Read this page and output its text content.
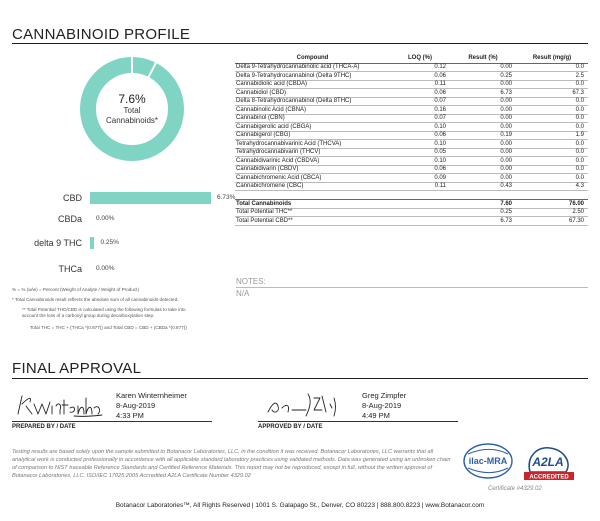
CANNABINOID PROFILE
7.6%
Total
Cannabinoids*
CBD	6.73%
CBDa 0.00%
delta 9 THC	0.25%
THCa 0.00%
% = % (w/w) = Percent (Weight of Analyte / Weight of Product)
* Total Cannabinoids result reflects the absolute sum of all cannabinoids detected.
** Total Potential THC/CBD is calculated using the following formulas to take into
account the loss of a carboxyl group during decarboxylation step.
Total THC = THC + (THCa *(0.877)) and Total CBD = CBD + (CBDa *(0.877))
Compound	LOQ (%)	Result (%)	Result (mg/g)
Delta 9-Tetrahydrocannabinolic acid (THCA-A)	0.12	0.00	0.0
Delta 9-Tetrahydrocannabinol (Delta 9THC)	0.06	0.25	2.5
Cannabidiolic acid (CBDA)	0.11	0.00	0.0
Cannabidiol (CBD)	0.06	6.73	67.3
Delta 8-Tetrahydrocannabinol (Delta 8THC)	0.07	0.00	0.0
Cannabinolic Acid (CBNA)	0.16	0.00	0.0
Cannabinol (CBN)	0.07	0.00	0.0
Cannabigerolic acid (CBGA)	0.10	0.00	0.0
Cannabigerol (CBG)	0.06	0.19	1.9
Tetrahydrocannabivarinic Acid (THCVA)	0.10	0.00	0.0
Tetrahydrocannabivarin (THCV)	0.05	0.00	0.0
Cannabidivarinic Acid (CBDVA)	0.10	0.00	0.0
Cannabidivarin (CBDV)	0.06	0.00	0.0
Cannabichromenic Acid (CBCA)	0.09	0.00	0.0
Cannabichromene (CBC)	0.11	0.43	4.3

Total Cannabinoids		7.60	76.00
Total Potential THC**		0.25	2.50
Total Potential CBD**		6.73	67.30
NOTES:
N/A
FINAL APPROVAL
Karen Winternheimer
8-Aug-2019
4:33 PM
PREPARED BY / DATE
Greg Zimpfer
8-Aug-2019
4:49 PM
APPROVED BY / DATE
Testing results are based solely upon the sample submitted to Botanacor Laboratories, LLC, in the condition it was received. Botanacor Laboratories, LLC warrants that all analytical work is conducted professionally in accordance with all applicable standard laboratory practices using validated methods. Data was generated using an unbroken chain of comparison to NIST traceable Reference Standards and Certified Reference Materials. This report may not be reproduced, except in full, without the written approval of Botanacor Laboratories, LLC. ISO/IEC 17025:2005 Accredited A2LA Certificate Number 4329.02
ilac-MRA A2LA
ACCREDITED
Certificate #4329.02
Botanacor Laboratories™, All Rights Reserved | 1001 S. Galapago St., Denver, CO 80223 | 888.800.8223 | www.Botanacor.com
